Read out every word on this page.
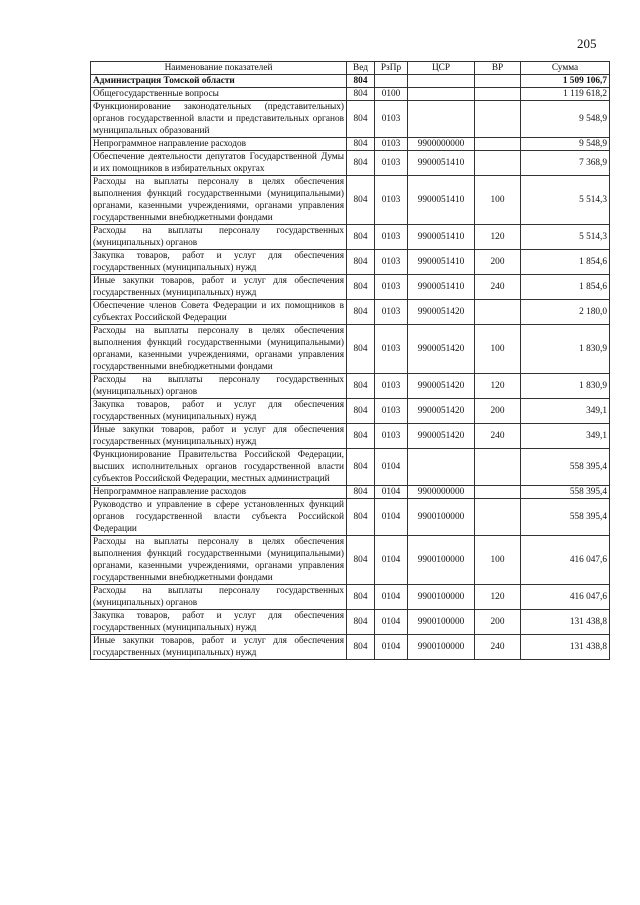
205
Наименование показателей	Вед	РзПр	ЦСР	ВР	Сумма
Администрация Томской области	804				1 509 106,7
Общегосударственные вопросы	804	0100			1 119 618,2
Функционирование законодательных (представительных) органов государственной власти и представительных органов муниципальных образований	804	0103			9 548,9
Непрограммное направление расходов	804	0103	9900000000		9 548,9
Обеспечение деятельности депутатов Государственной Думы и их помощников в избирательных округах	804	0103	9900051410		7 368,9
Расходы на выплаты персоналу в целях обеспечения выполнения функций государственными (муниципальными) органами, казенными учреждениями, органами управления государственными внебюджетными фондами	804	0103	9900051410	100	5 514,3
Расходы на выплаты персоналу государственных (муниципальных) органов	804	0103	9900051410	120	5 514,3
Закупка товаров, работ и услуг для обеспечения государственных (муниципальных) нужд	804	0103	9900051410	200	1 854,6
Иные закупки товаров, работ и услуг для обеспечения государственных (муниципальных) нужд	804	0103	9900051410	240	1 854,6
Обеспечение членов Совета Федерации и их помощников в субъектах Российской Федерации	804	0103	9900051420		2 180,0
Расходы на выплаты персоналу в целях обеспечения выполнения функций государственными (муниципальными) органами, казенными учреждениями, органами управления государственными внебюджетными фондами	804	0103	9900051420	100	1 830,9
Расходы на выплаты персоналу государственных (муниципальных) органов	804	0103	9900051420	120	1 830,9
Закупка товаров, работ и услуг для обеспечения государственных (муниципальных) нужд	804	0103	9900051420	200	349,1
Иные закупки товаров, работ и услуг для обеспечения государственных (муниципальных) нужд	804	0103	9900051420	240	349,1
Функционирование Правительства Российской Федерации, высших исполнительных органов государственной власти субъектов Российской Федерации, местных администраций	804	0104			558 395,4
Непрограммное направление расходов	804	0104	9900000000		558 395,4
Руководство и управление в сфере установленных функций органов государственной власти субъекта Российской Федерации	804	0104	9900100000		558 395,4
Расходы на выплаты персоналу в целях обеспечения выполнения функций государственными (муниципальными) органами, казенными учреждениями, органами управления государственными внебюджетными фондами	804	0104	9900100000	100	416 047,6
Расходы на выплаты персоналу государственных (муниципальных) органов	804	0104	9900100000	120	416 047,6
Закупка товаров, работ и услуг для обеспечения государственных (муниципальных) нужд	804	0104	9900100000	200	131 438,8
Иные закупки товаров, работ и услуг для обеспечения государственных (муниципальных) нужд	804	0104	9900100000	240	131 438,8
